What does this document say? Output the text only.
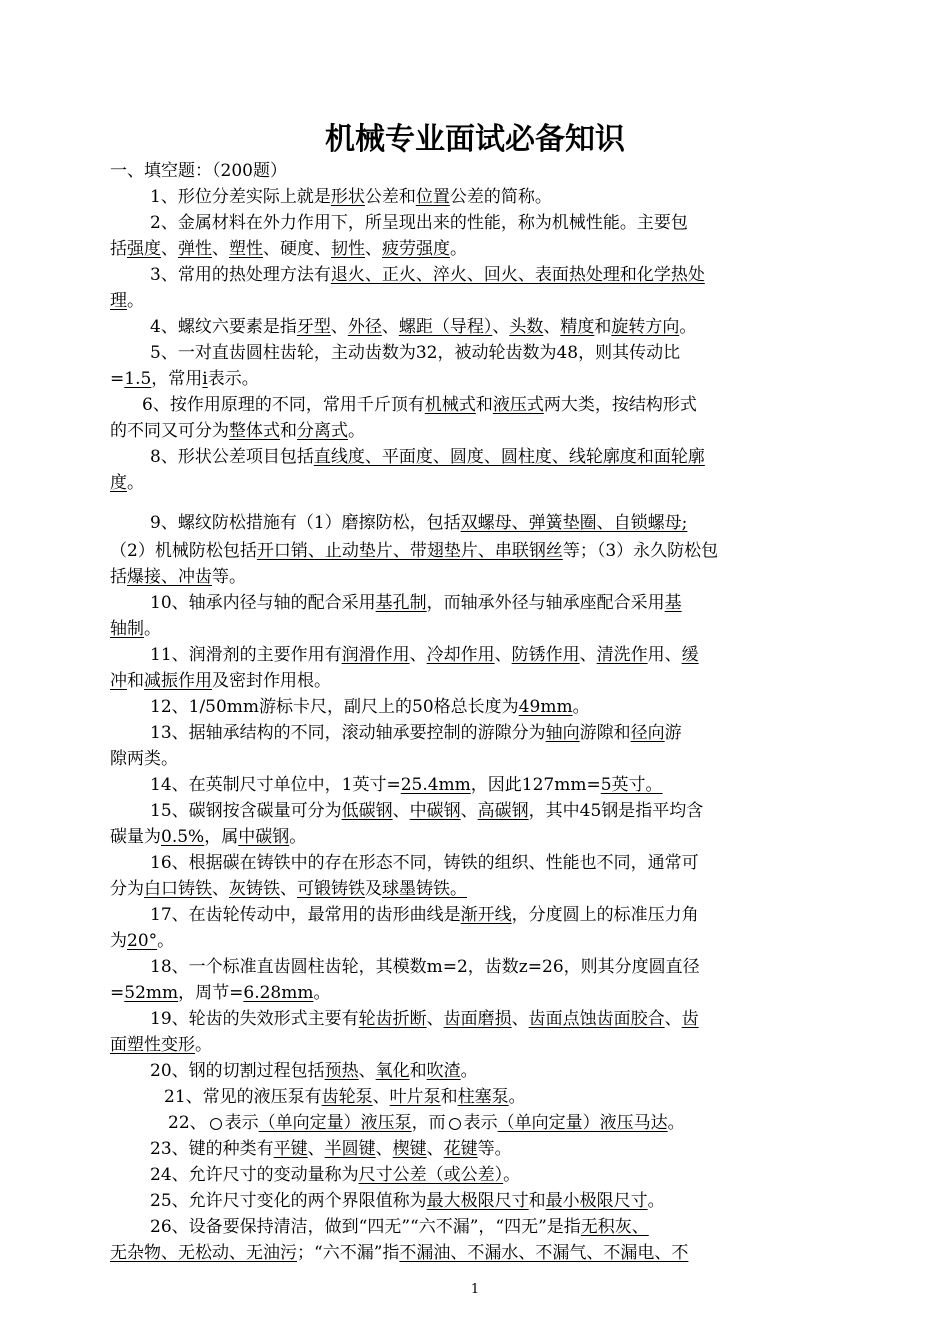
机械专业面试必备知识
一、填空题：（200题）
1、形位分差实际上就是形状公差和位置公差的简称。
2、金属材料在外力作用下，所呈现出来的性能，称为机械性能。主要包
括强度、弹性、塑性、硬度、韧性、疲劳强度。
3、常用的热处理方法有退火、正火、淬火、回火、表面热处理和化学热处
理。
4、螺纹六要素是指牙型、外径、螺距（导程）、头数、精度和旋转方向。
5、一对直齿圆柱齿轮，主动齿数为32，被动轮齿数为48，则其传动比
=1.5，常用i表示。
6、按作用原理的不同，常用千斤顶有机械式和液压式两大类，按结构形式
的不同又可分为整体式和分离式。
8、形状公差项目包括直线度、平面度、圆度、圆柱度、线轮廓度和面轮廓
度。
9、螺纹防松措施有（1）磨擦防松，包括双螺母、弹簧垫圈、自锁螺母;
（2）机械防松包括开口销、止动垫片、带翅垫片、串联钢丝等；（3）永久防松包
括爆接、冲齿等。
10、轴承内径与轴的配合采用基孔制，而轴承外径与轴承座配合采用基
轴制。
11、润滑剂的主要作用有润滑作用、冷却作用、防锈作用、清洗作用、缓
冲和减振作用及密封作用根。
12、1/50mm游标卡尺，副尺上的50格总长度为49mm。
13、据轴承结构的不同，滚动轴承要控制的游隙分为轴向游隙和径向游
隙两类。
14、在英制尺寸单位中，1英寸=25.4mm，因此127mm=5英寸。
15、碳钢按含碳量可分为低碳钢、中碳钢、高碳钢，其中45钢是指平均含
碳量为0.5%，属中碳钢。
16、根据碳在铸铁中的存在形态不同，铸铁的组织、性能也不同，通常可
分为白口铸铁、灰铸铁、可锻铸铁及球墨铸铁。
17、在齿轮传动中，最常用的齿形曲线是渐开线，分度圆上的标准压力角
为20°。
18、一个标准直齿圆柱齿轮，其模数m=2，齿数z=26，则其分度圆直径
=52mm，周节=6.28mm。
19、轮齿的失效形式主要有轮齿折断、齿面磨损、齿面点蚀齿面胶合、齿
面塑性变形。
20、钢的切割过程包括预热、氧化和吹渣。
21、常见的液压泵有齿轮泵、叶片泵和柱塞泵。
22、 表示（单向定量）液压泵，而 表示（单向定量）液压马达。
23、键的种类有平键、半圆键、楔键、花键等。
24、允许尺寸的变动量称为尺寸公差（或公差）。
25、允许尺寸变化的两个界限值称为最大极限尺寸和最小极限尺寸。
26、设备要保持清洁，做到“四无”“六不漏”，“四无”是指无积灰、
无杂物、无松动、无油污；“六不漏”指不漏油、不漏水、不漏气、不漏电、不
1
